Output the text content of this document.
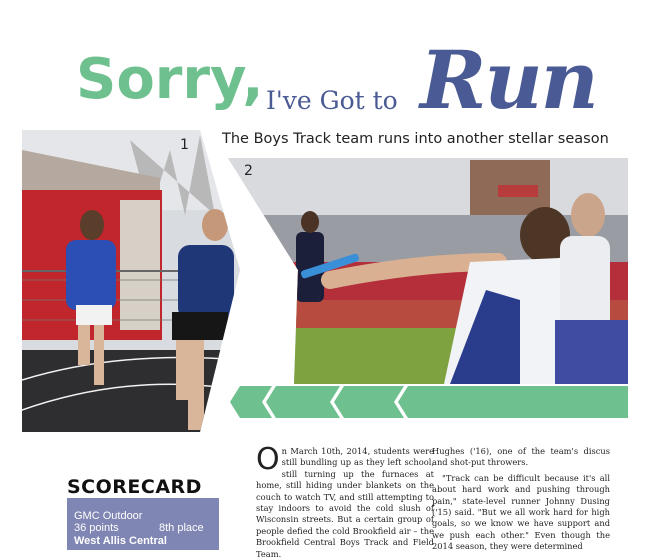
Sorry, I've Got to Run
The Boys Track team runs into another stellar season
1
2
O n March 10th, 2014, students were still bundling up as they left school, still turning up the furnaces at home, still hiding under blankets on the couch to watch TV, and still attempting to stay indoors to avoid the cold slush of Wisconsin streets. But a certain group of people defied the cold Brookfield air – the Brookfield Central Boys Track and Field Team.
Hughes ('16), one of the team's discus and shot-put throwers.
"Track can be difficult because it's all about hard work and pushing through pain," state-level runner Johnny Dusing ('15) said. "But we all work hard for high goals, so we know we have support and we push each other." Even though the 2014 season, they were determined
SCORECARD
GMC Outdoor
36 points	8th place
West Allis Central
